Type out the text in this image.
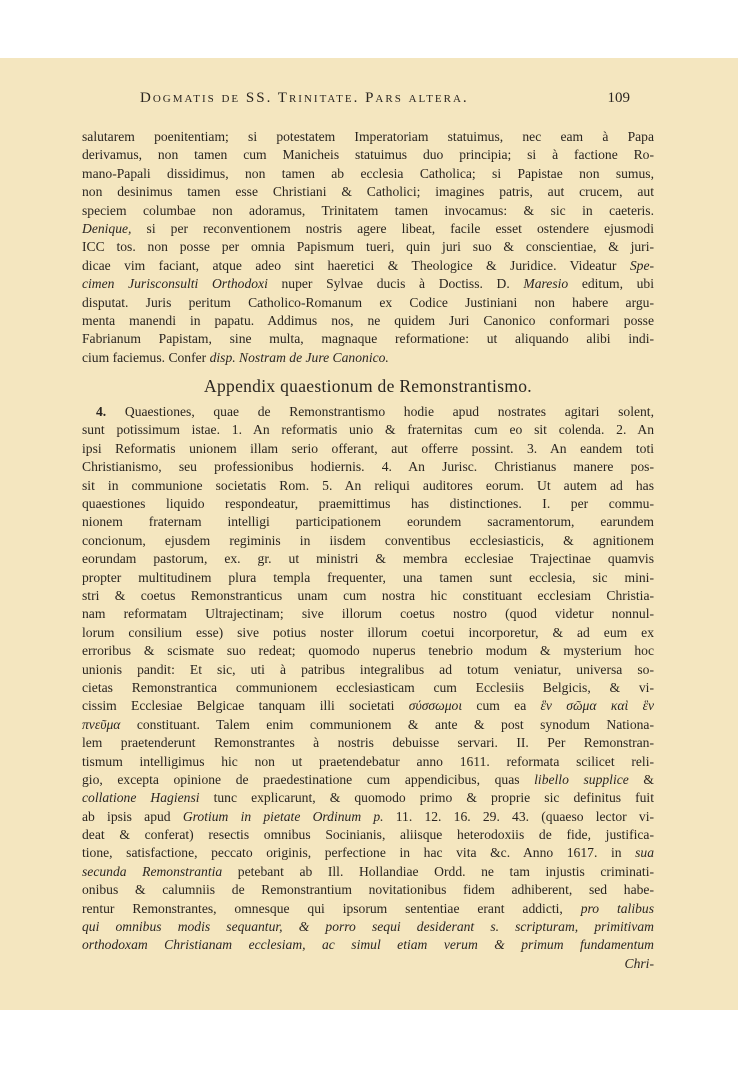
Dogmatis de SS. Trinitate. Pars altera.	109

salutarem poenitentiam; si potestatem Imperatoriam statuimus, nec eam à Papa
derivamus, non tamen cum Manicheis statuimus duo principia; si à factione Ro-
mano-Papali dissidimus, non tamen ab ecclesia Catholica; si Papistae non sumus,
non desinimus tamen esse Christiani & Catholici; imagines patris, aut crucem, aut
speciem columbae non adoramus, Trinitatem tamen invocamus: & sic in caeteris.
Denique, si per reconventionem nostris agere libeat, facile esset ostendere ejusmodi
ICC tos. non posse per omnia Papismum tueri, quin juri suo & conscientiae, & juri-
dicae vim faciant, atque adeo sint haeretici & Theologice & Juridice. Videatur Spe-
cimen Jurisconsulti Orthodoxi nuper Sylvae ducis à Doctiss. D. Maresio editum, ubi
disputat. Juris peritum Catholico-Romanum ex Codice Justiniani non habere argu-
menta manendi in papatu. Addimus nos, ne quidem Juri Canonico conformari posse
Fabrianum Papistam, sine multa, magnaque reformatione: ut aliquando alibi indi-
cium faciemus. Confer disp. Nostram de Jure Canonico.

Appendix quaestionum de Remonstrantismo.

4. Quaestiones, quae de Remonstrantismo hodie apud nostrates agitari solent,
sunt potissimum istae. 1. An reformatis unio & fraternitas cum eo sit colenda. 2. An
ipsi Reformatis unionem illam serio offerant, aut offerre possint. 3. An eandem toti
Christianismo, seu professionibus hodiernis. 4. An Jurisc. Christianus manere pos-
sit in communione societatis Rom. 5. An reliqui auditores eorum. Ut autem ad has
quaestiones liquido respondeatur, praemittimus has distinctiones. I. per commu-
nionem fraternam intelligi participationem eorundem sacramentorum, earundem
concionum, ejusdem regiminis in iisdem conventibus ecclesiasticis, & agnitionem
eorundam pastorum, ex. gr. ut ministri & membra ecclesiae Trajectinae quamvis
propter multitudinem plura templa frequenter, una tamen sunt ecclesia, sic mini-
stri & coetus Remonstranticus unam cum nostra hic constituant ecclesiam Christia-
nam reformatam Ultrajectinam; sive illorum coetus nostro (quod videtur nonnul-
lorum consilium esse) sive potius noster illorum coetui incorporetur, & ad eum ex
erroribus & scismate suo redeat; quomodo nuperus tenebrio modum & mysterium hoc
unionis pandit: Et sic, uti à patribus integralibus ad totum veniatur, universa so-
cietas Remonstrantica communionem ecclesiasticam cum Ecclesiis Belgicis, & vi-
cissim Ecclesiae Belgicae tanquam illi societati σύσσωμοι cum ea ἓν σῶμα καὶ ἓν
πνεῦμα constituant. Talem enim communionem & ante & post synodum Nationa-
lem praetenderunt Remonstrantes à nostris debuisse servari. II. Per Remonstran-
tismum intelligimus hic non ut praetendebatur anno 1611. reformata scilicet reli-
gio, excepta opinione de praedestinatione cum appendicibus, quas libello supplice &
collatione Hagiensi tunc explicarunt, & quomodo primo & proprie sic definitus fuit
ab ipsis apud Grotium in pietate Ordinum p. 11. 12. 16. 29. 43. (quaeso lector vi-
deat & conferat) resectis omnibus Socinianis, aliisque heterodoxiis de fide, justifica-
tione, satisfactione, peccato originis, perfectione in hac vita &c. Anno 1617. in sua
secunda Remonstrantia petebant ab Ill. Hollandiae Ordd. ne tam injustis criminati-
onibus & calumniis de Remonstrantium novitationibus fidem adhiberent, sed habe-
rentur Remonstrantes, omnesque qui ipsorum sententiae erant addicti, pro talibus
qui omnibus modis sequantur, & porro sequi desiderant s. scripturam, primitivam
orthodoxam Christianam ecclesiam, ac simul etiam verum & primum fundamentum
Chri-
